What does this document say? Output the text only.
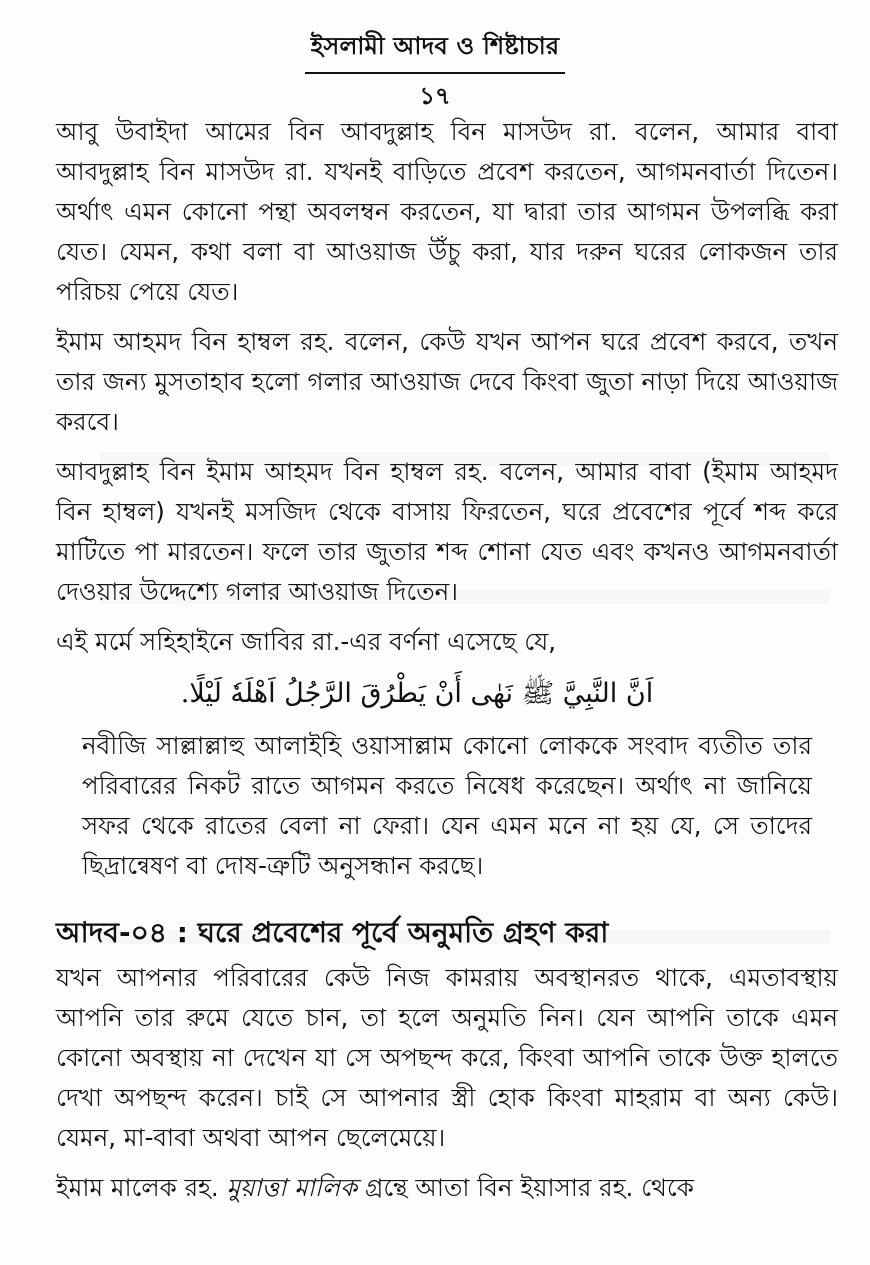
ইসলামী আদব ও শিষ্টাচার
১৭

আবু উবাইদা আমের বিন আবদুল্লাহ বিন মাসউদ রা. বলেন, আমার বাবা আবদুল্লাহ বিন মাসউদ রা. যখনই বাড়িতে প্রবেশ করতেন, আগমনবার্তা দিতেন। অর্থাৎ এমন কোনো পন্থা অবলম্বন করতেন, যা দ্বারা তার আগমন উপলব্ধি করা যেত। যেমন, কথা বলা বা আওয়াজ উঁচু করা, যার দরুন ঘরের লোকজন তার পরিচয় পেয়ে যেত।

ইমাম আহমদ বিন হাম্বল রহ. বলেন, কেউ যখন আপন ঘরে প্রবেশ করবে, তখন তার জন্য মুসতাহাব হলো গলার আওয়াজ দেবে কিংবা জুতা নাড়া দিয়ে আওয়াজ করবে।

আবদুল্লাহ বিন ইমাম আহমদ বিন হাম্বল রহ. বলেন, আমার বাবা (ইমাম আহমদ বিন হাম্বল) যখনই মসজিদ থেকে বাসায় ফিরতেন, ঘরে প্রবেশের পূর্বে শব্দ করে মাটিতে পা মারতেন। ফলে তার জুতার শব্দ শোনা যেত এবং কখনও আগমনবার্তা দেওয়ার উদ্দেশ্যে গলার আওয়াজ দিতেন।

এই মর্মে সহিহাইনে জাবির রা.-এর বর্ণনা এসেছে যে,

اَنَّ النَّبِيَّ ﷺ نَهٰى أَنْ يَطْرُقَ الرَّجُلُ اَهْلَهٗ لَيْلًا.

নবীজি সাল্লাল্লাহু আলাইহি ওয়াসাল্লাম কোনো লোককে সংবাদ ব্যতীত তার পরিবারের নিকট রাতে আগমন করতে নিষেধ করেছেন। অর্থাৎ না জানিয়ে সফর থেকে রাতের বেলা না ফেরা। যেন এমন মনে না হয় যে, সে তাদের ছিদ্রান্বেষণ বা দোষ-ত্রুটি অনুসন্ধান করছে।

আদব-০৪ : ঘরে প্রবেশের পূর্বে অনুমতি গ্রহণ করা

যখন আপনার পরিবারের কেউ নিজ কামরায় অবস্থানরত থাকে, এমতাবস্থায় আপনি তার রুমে যেতে চান, তা হলে অনুমতি নিন। যেন আপনি তাকে এমন কোনো অবস্থায় না দেখেন যা সে অপছন্দ করে, কিংবা আপনি তাকে উক্ত হালতে দেখা অপছন্দ করেন। চাই সে আপনার স্ত্রী হোক কিংবা মাহরাম বা অন্য কেউ। যেমন, মা-বাবা অথবা আপন ছেলেমেয়ে।

ইমাম মালেক রহ. মুয়াত্তা মালিক গ্রন্থে আতা বিন ইয়াসার রহ. থেকে
